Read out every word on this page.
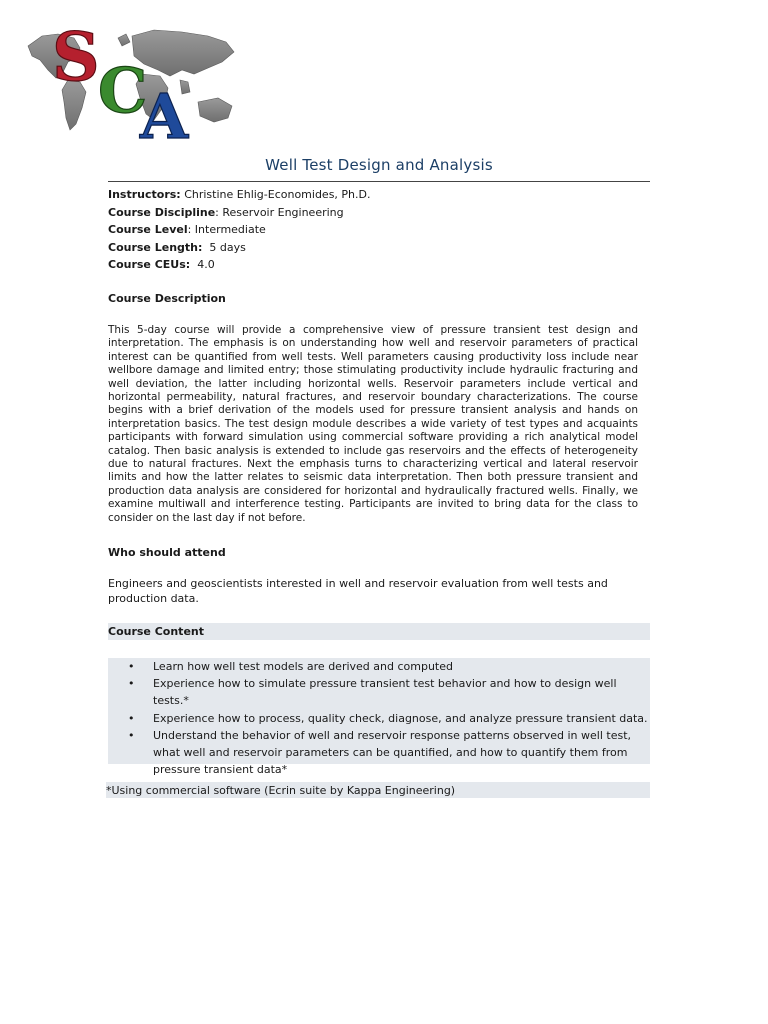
S
C
A
Well Test Design and Analysis
Instructors: Christine Ehlig-Economides, Ph.D.
Course Discipline: Reservoir Engineering
Course Level: Intermediate
Course Length:  5 days
Course CEUs:  4.0
Course Description
This 5-day course will provide a comprehensive view of pressure transient test design and interpretation. The emphasis is on understanding how well and reservoir parameters of practical interest can be quantified from well tests. Well parameters causing productivity loss include near wellbore damage and limited entry; those stimulating productivity include hydraulic fracturing and well deviation, the latter including horizontal wells. Reservoir parameters include vertical and horizontal permeability, natural fractures, and reservoir boundary characterizations. The course begins with a brief derivation of the models used for pressure transient analysis and hands on interpretation basics. The test design module describes a wide variety of test types and acquaints participants with forward simulation using commercial software providing a rich analytical model catalog. Then basic analysis is extended to include gas reservoirs and the effects of heterogeneity due to natural fractures. Next the emphasis turns to characterizing vertical and lateral reservoir limits and how the latter relates to seismic data interpretation. Then both pressure transient and production data analysis are considered for horizontal and hydraulically fractured wells. Finally, we examine multiwall and interference testing. Participants are invited to bring data for the class to consider on the last day if not before.
Who should attend
Engineers and geoscientists interested in well and reservoir evaluation from well tests and production data.
Course Content
• Learn how well test models are derived and computed
• Experience how to simulate pressure transient test behavior and how to design well tests.*
• Experience how to process, quality check, diagnose, and analyze pressure transient data.
• Understand the behavior of well and reservoir response patterns observed in well test, what well and reservoir parameters can be quantified, and how to quantify them from pressure transient data*
*Using commercial software (Ecrin suite by Kappa Engineering)
